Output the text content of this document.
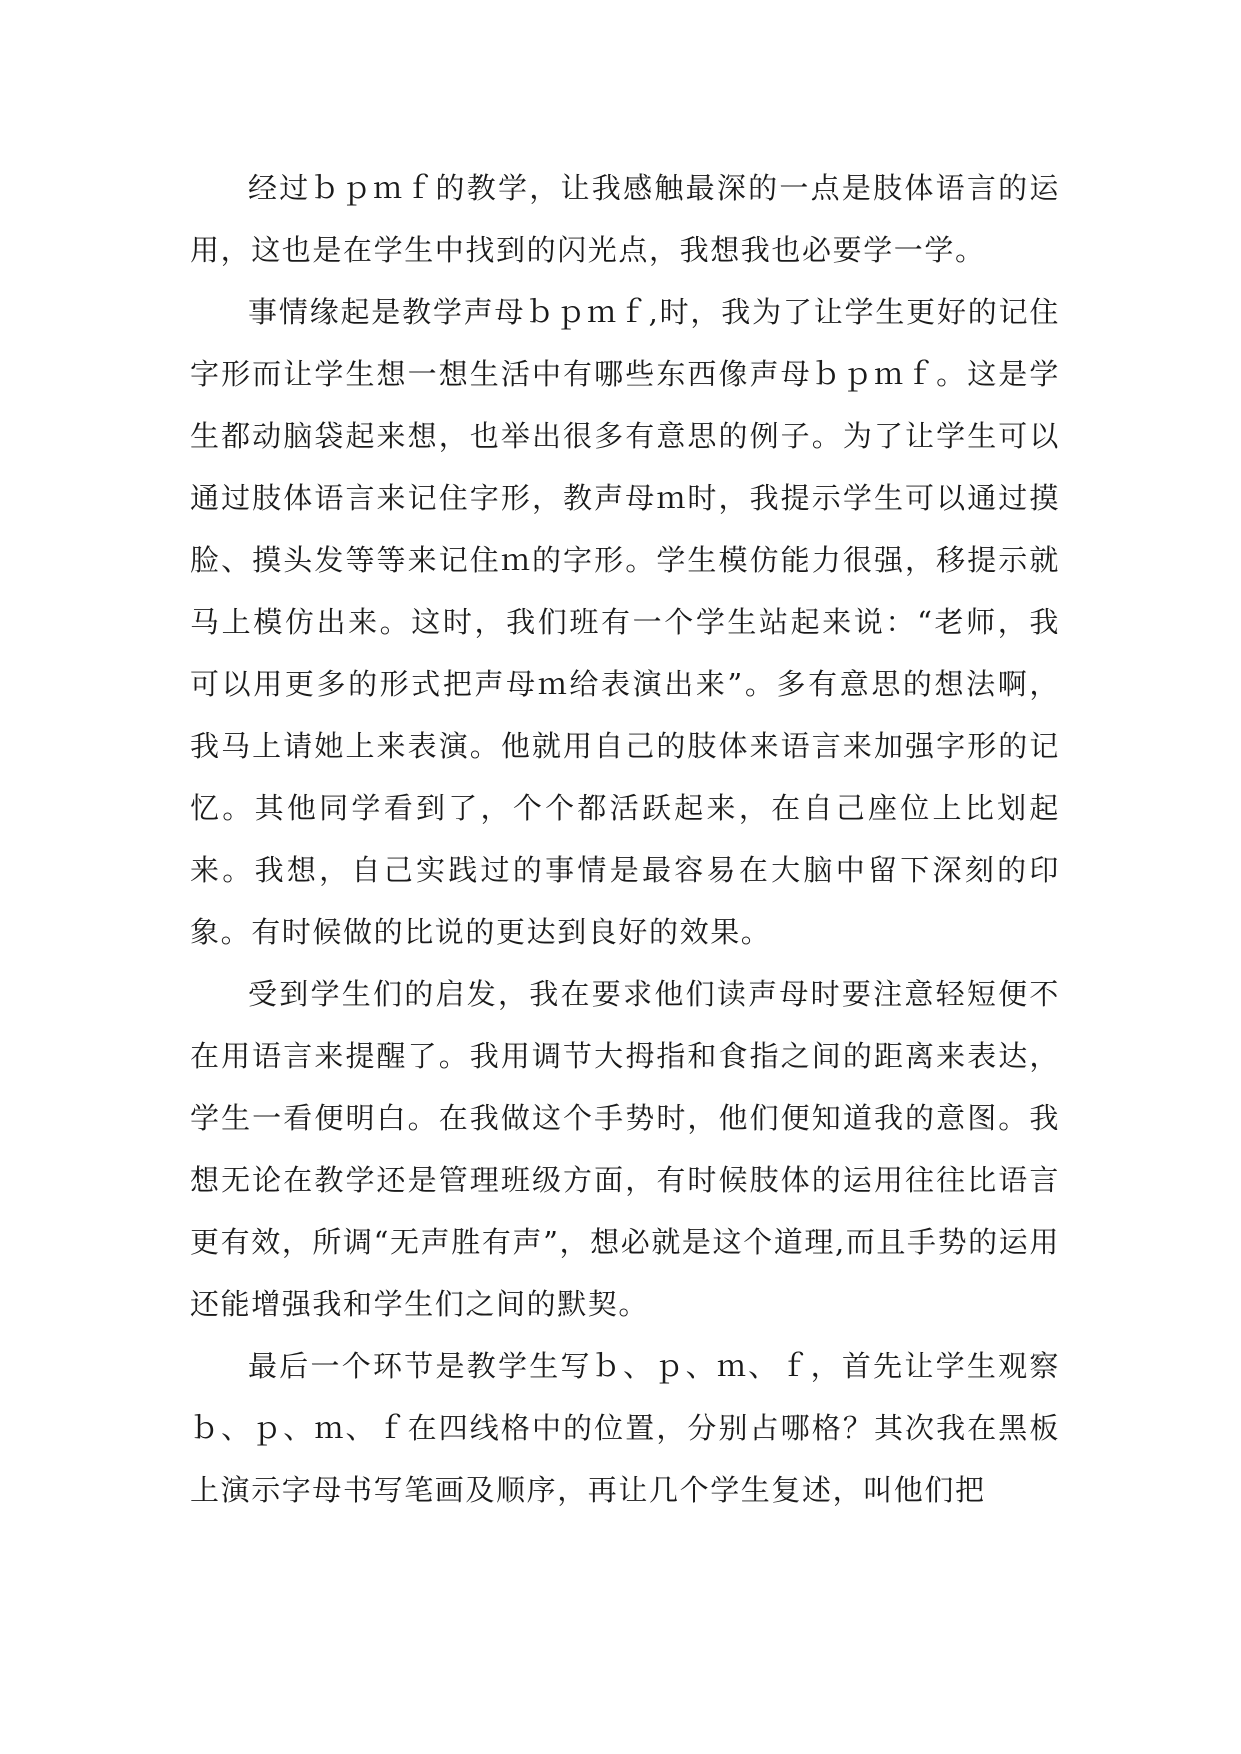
经过ｂｐｍｆ的教学，让我感触最深的一点是肢体语言的运用，这也是在学生中找到的闪光点，我想我也必要学一学。

事情缘起是教学声母ｂｐｍｆ,时，我为了让学生更好的记住字形而让学生想一想生活中有哪些东西像声母ｂｐｍｆ。这是学生都动脑袋起来想，也举出很多有意思的例子。为了让学生可以通过肢体语言来记住字形，教声母ｍ时，我提示学生可以通过摸脸、摸头发等等来记住ｍ的字形。学生模仿能力很强，移提示就马上模仿出来。这时，我们班有一个学生站起来说：“老师，我可以用更多的形式把声母ｍ给表演出来”。多有意思的想法啊，我马上请她上来表演。他就用自己的肢体来语言来加强字形的记忆。其他同学看到了，个个都活跃起来，在自己座位上比划起来。我想，自己实践过的事情是最容易在大脑中留下深刻的印象。有时候做的比说的更达到良好的效果。

受到学生们的启发，我在要求他们读声母时要注意轻短便不在用语言来提醒了。我用调节大拇指和食指之间的距离来表达，学生一看便明白。在我做这个手势时，他们便知道我的意图。我想无论在教学还是管理班级方面，有时候肢体的运用往往比语言更有效，所调“无声胜有声”，想必就是这个道理,而且手势的运用还能增强我和学生们之间的默契。

最后一个环节是教学生写ｂ、ｐ、ｍ、ｆ，首先让学生观察ｂ、ｐ、ｍ、ｆ在四线格中的位置，分别占哪格？其次我在黑板上演示字母书写笔画及顺序，再让几个学生复述，叫他们把
